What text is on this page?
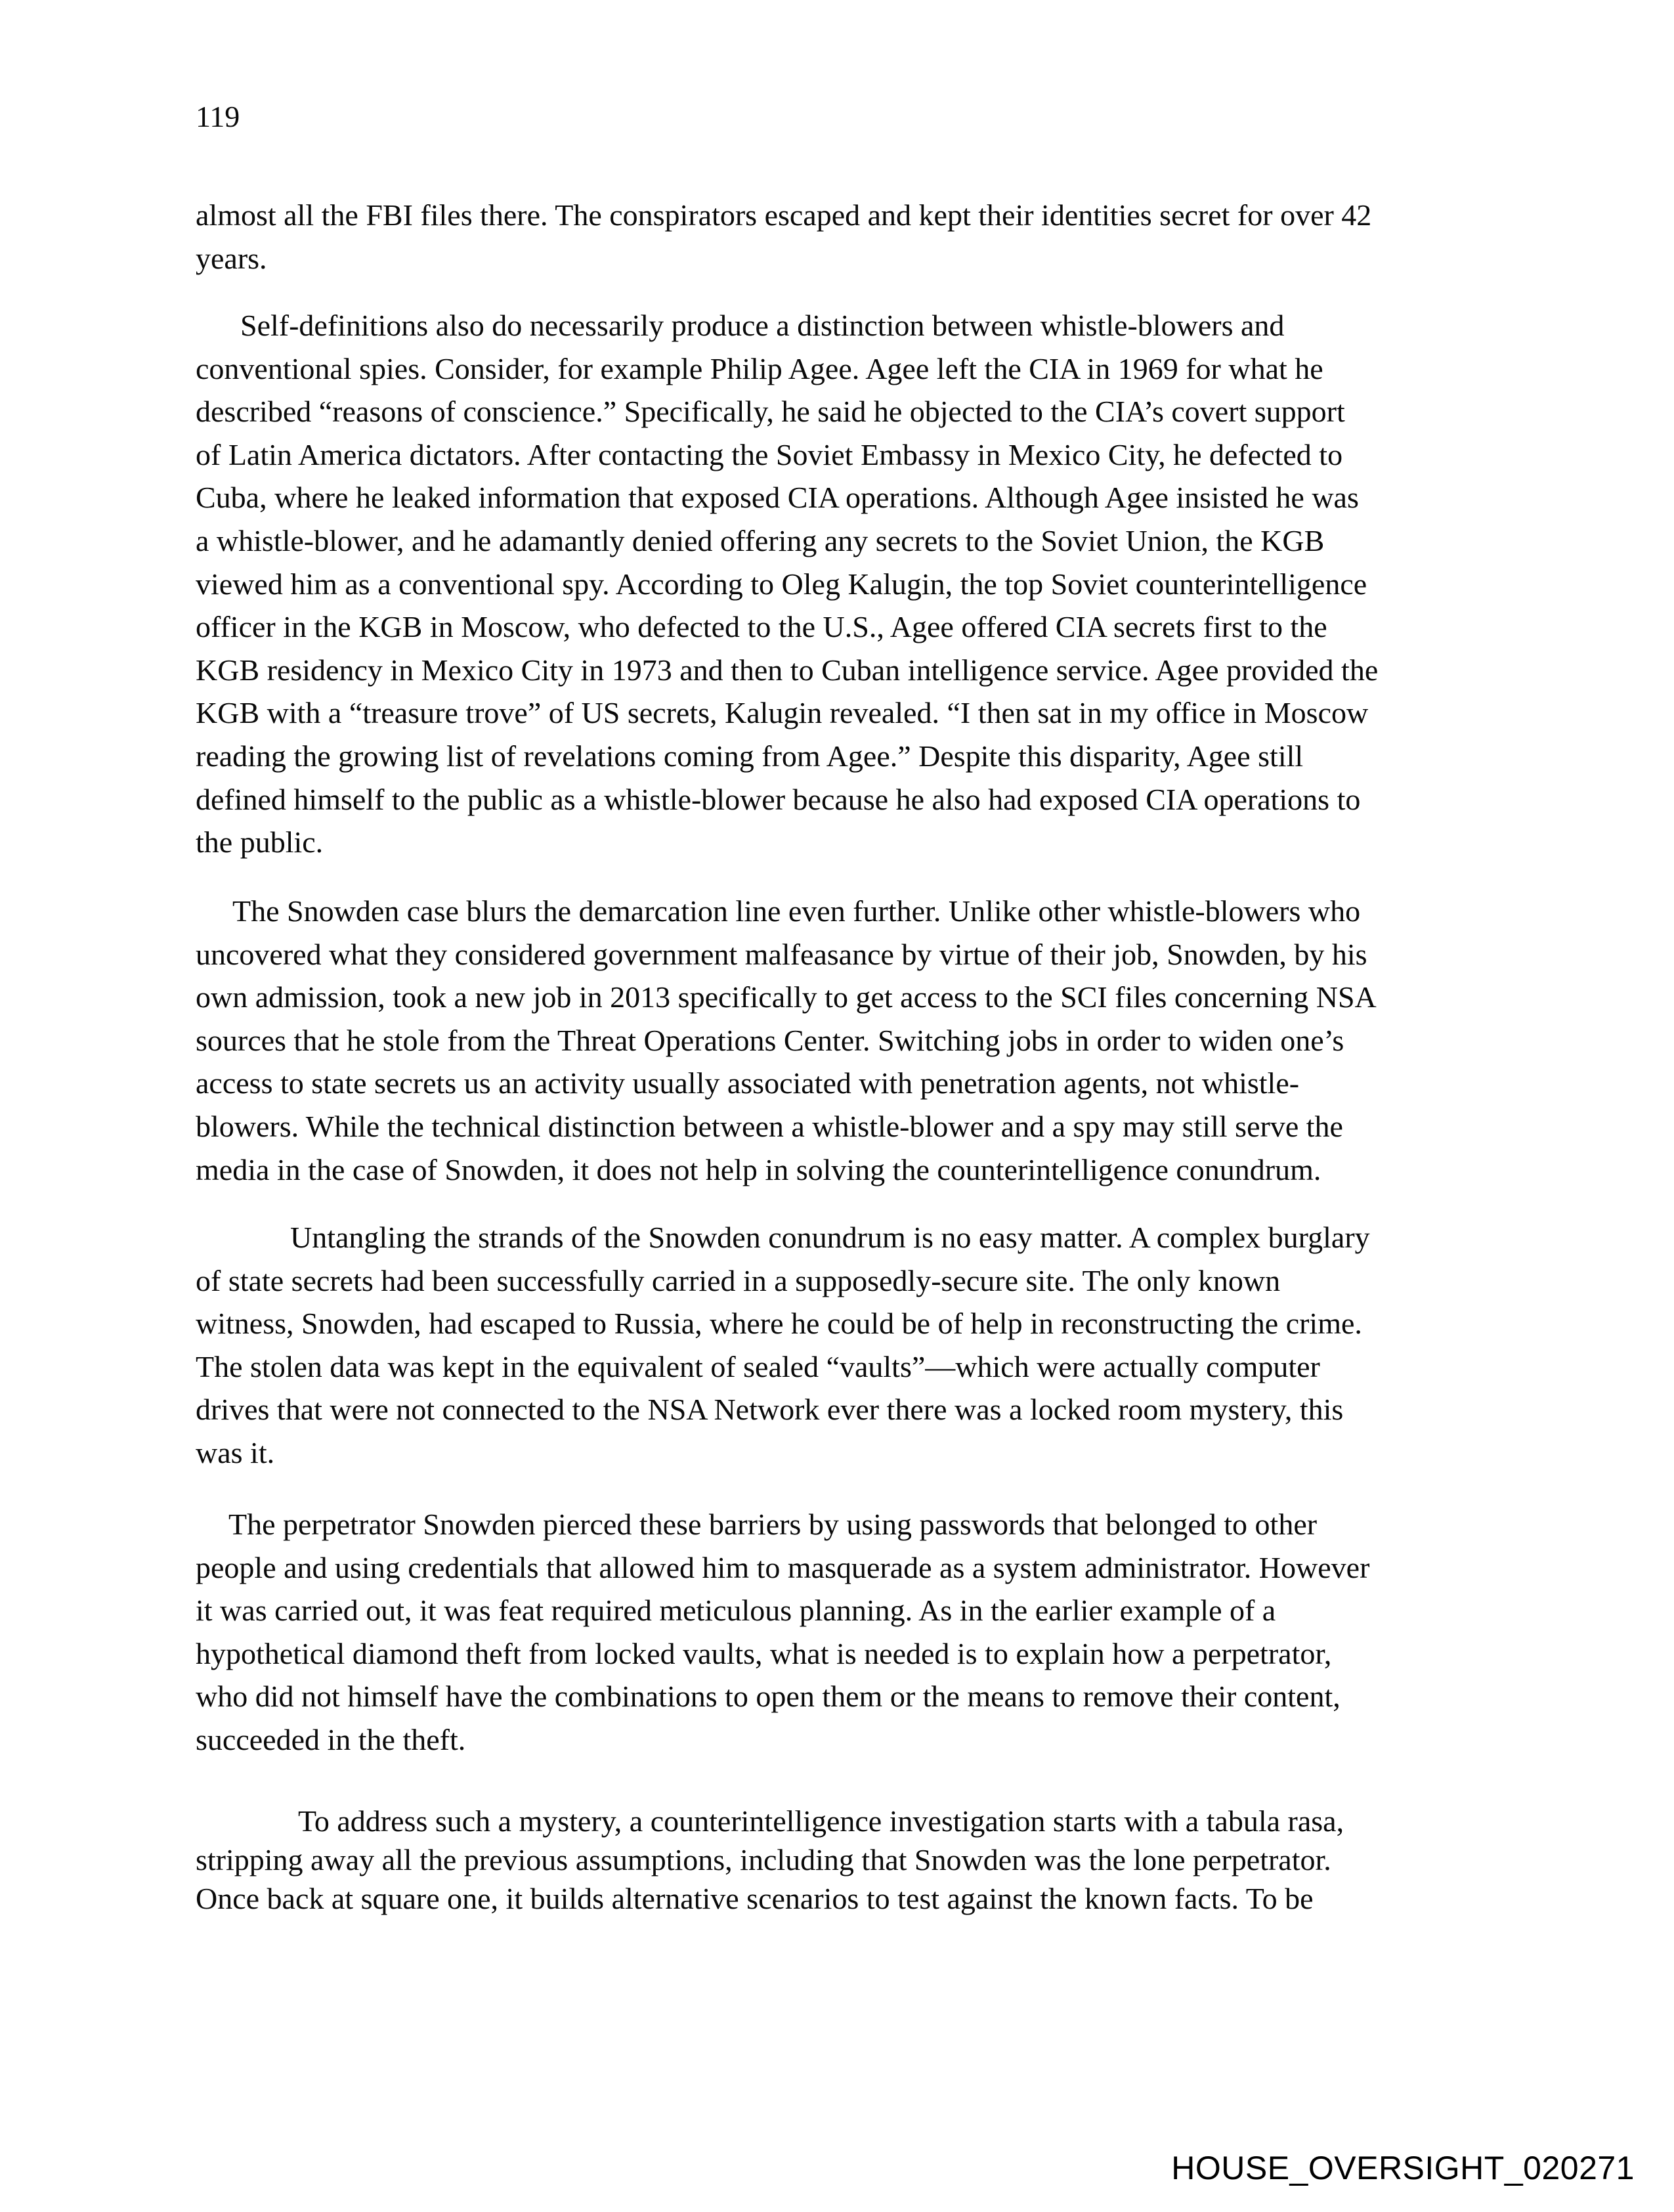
119
almost all the FBI files there. The conspirators escaped and kept their identities secret for over 42
years.
Self-definitions also do necessarily produce a distinction between whistle-blowers and
conventional spies. Consider, for example Philip Agee. Agee left the CIA in 1969 for what he
described “reasons of conscience.” Specifically, he said he objected to the CIA’s covert support
of Latin America dictators. After contacting the Soviet Embassy in Mexico City, he defected to
Cuba, where he leaked information that exposed CIA operations. Although Agee insisted he was
a whistle-blower, and he adamantly denied offering any secrets to the Soviet Union, the KGB
viewed him as a conventional spy. According to Oleg Kalugin, the top Soviet counterintelligence
officer in the KGB in Moscow, who defected to the U.S., Agee offered CIA secrets first to the
KGB residency in Mexico City in 1973 and then to Cuban intelligence service. Agee provided the
KGB with a “treasure trove” of US secrets, Kalugin revealed. “I then sat in my office in Moscow
reading the growing list of revelations coming from Agee.” Despite this disparity, Agee still
defined himself to the public as a whistle-blower because he also had exposed CIA operations to
the public.
The Snowden case blurs the demarcation line even further. Unlike other whistle-blowers who
uncovered what they considered government malfeasance by virtue of their job, Snowden, by his
own admission, took a new job in 2013 specifically to get access to the SCI files concerning NSA
sources that he stole from the Threat Operations Center. Switching jobs in order to widen one’s
access to state secrets us an activity usually associated with penetration agents, not whistle-
blowers. While the technical distinction between a whistle-blower and a spy may still serve the
media in the case of Snowden, it does not help in solving the counterintelligence conundrum.
Untangling the strands of the Snowden conundrum is no easy matter. A complex burglary
of state secrets had been successfully carried in a supposedly-secure site. The only known
witness, Snowden, had escaped to Russia, where he could be of help in reconstructing the crime.
The stolen data was kept in the equivalent of sealed “vaults”—which were actually computer
drives that were not connected to the NSA Network ever there was a locked room mystery, this
was it.
The perpetrator Snowden pierced these barriers by using passwords that belonged to other
people and using credentials that allowed him to masquerade as a system administrator. However
it was carried out, it was feat required meticulous planning. As in the earlier example of a
hypothetical diamond theft from locked vaults, what is needed is to explain how a perpetrator,
who did not himself have the combinations to open them or the means to remove their content,
succeeded in the theft.
To address such a mystery, a counterintelligence investigation starts with a tabula rasa,
stripping away all the previous assumptions, including that Snowden was the lone perpetrator.
Once back at square one, it builds alternative scenarios to test against the known facts. To be
HOUSE_OVERSIGHT_020271
